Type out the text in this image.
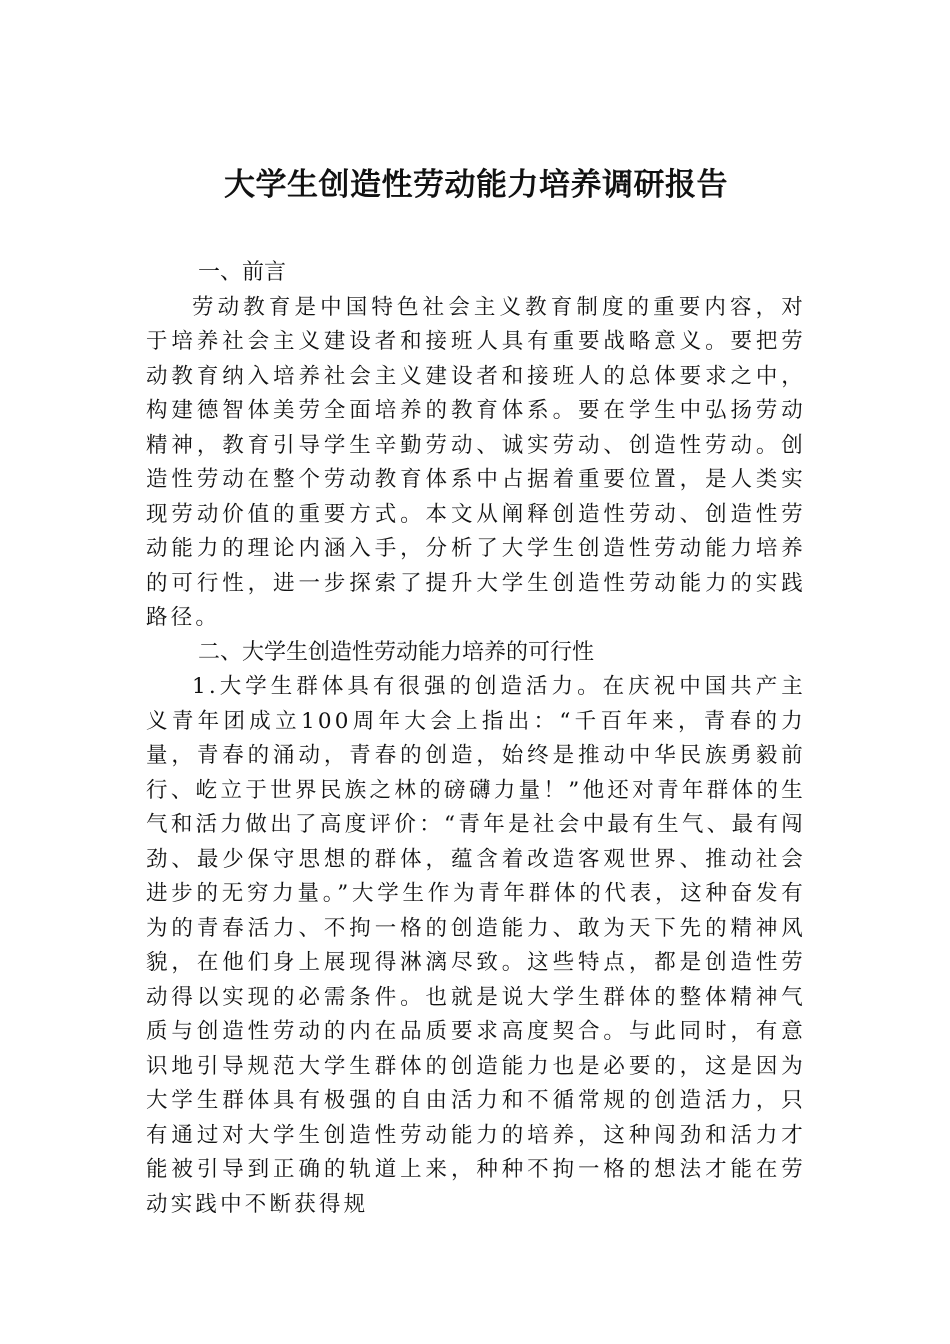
大学生创造性劳动能力培养调研报告
一、前言

劳动教育是中国特色社会主义教育制度的重要内容，对于培养社会主义建设者和接班人具有重要战略意义。要把劳动教育纳入培养社会主义建设者和接班人的总体要求之中，构建德智体美劳全面培养的教育体系。要在学生中弘扬劳动精神，教育引导学生辛勤劳动、诚实劳动、创造性劳动。创造性劳动在整个劳动教育体系中占据着重要位置，是人类实现劳动价值的重要方式。本文从阐释创造性劳动、创造性劳动能力的理论内涵入手，分析了大学生创造性劳动能力培养的可行性，进一步探索了提升大学生创造性劳动能力的实践路径。

二、大学生创造性劳动能力培养的可行性

1.大学生群体具有很强的创造活力。在庆祝中国共产主义青年团成立100周年大会上指出：“千百年来，青春的力量，青春的涌动，青春的创造，始终是推动中华民族勇毅前行、屹立于世界民族之林的磅礴力量！”他还对青年群体的生气和活力做出了高度评价：“青年是社会中最有生气、最有闯劲、最少保守思想的群体，蕴含着改造客观世界、推动社会进步的无穷力量。”大学生作为青年群体的代表，这种奋发有为的青春活力、不拘一格的创造能力、敢为天下先的精神风貌，在他们身上展现得淋漓尽致。这些特点，都是创造性劳动得以实现的必需条件。也就是说大学生群体的整体精神气质与创造性劳动的内在品质要求高度契合。与此同时，有意识地引导规范大学生群体的创造能力也是必要的，这是因为大学生群体具有极强的自由活力和不循常规的创造活力，只有通过对大学生创造性劳动能力的培养，这种闯劲和活力才能被引导到正确的轨道上来，种种不拘一格的想法才能在劳动实践中不断获得规
